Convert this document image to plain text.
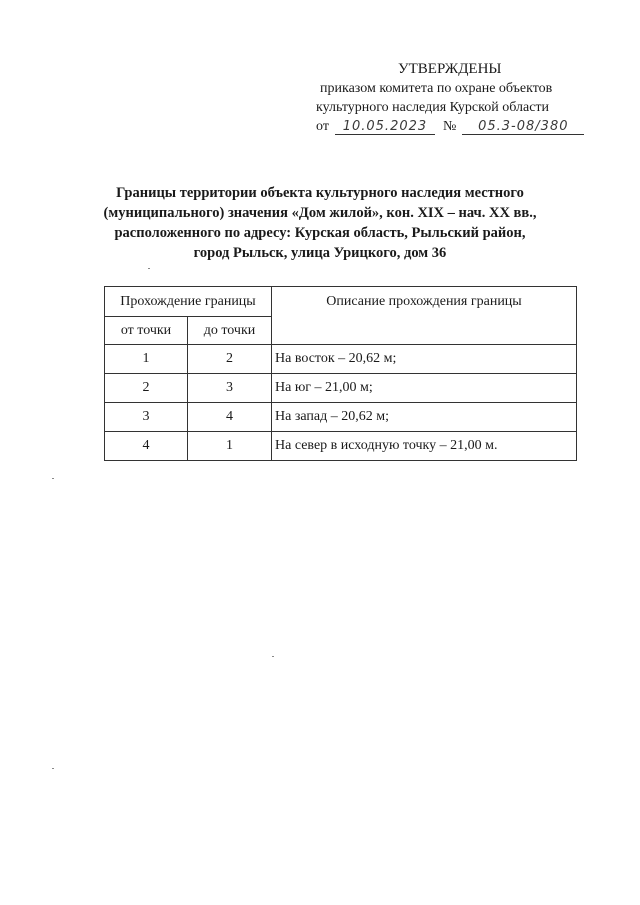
УТВЕРЖДЕНЫ
приказом комитета по охране объектов
культурного наследия Курской области
от	10.05.2023	№	05.3-08/380
Границы территории объекта культурного наследия местного
(муниципального) значения «Дом жилой», кон. XIX – нач. XX вв.,
расположенного по адресу: Курская область, Рыльский район,
город Рыльск, улица Урицкого, дом 36
Прохождение границы		Описание прохождения границы
от точки	до точки	
1	2	На восток – 20,62 м;
2	3	На юг – 21,00 м;
3	4	На запад – 20,62 м;
4	1	На север в исходную точку – 21,00 м.
